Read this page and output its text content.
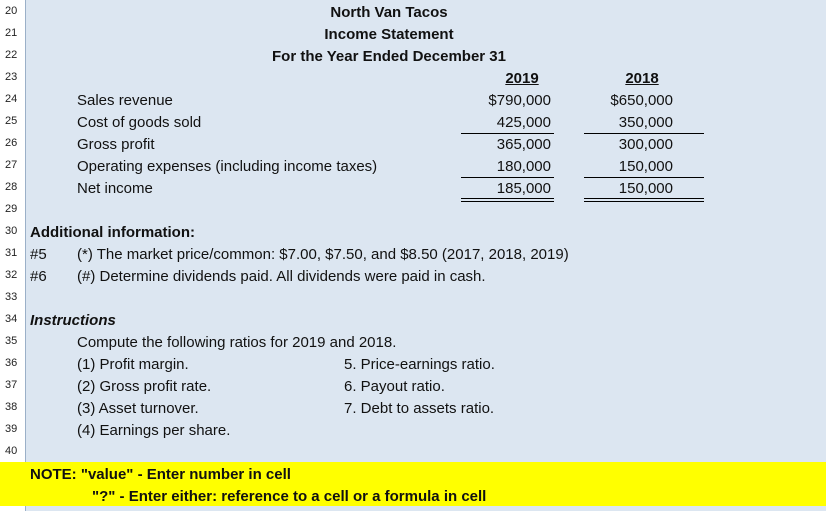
20
21
22
23
24
25
26
27
28
29
30
31
32
33
34
35
36
37
38
39
40
North Van Tacos
Income Statement
For the Year Ended December 31
2019	2018
Sales revenue	$790,000	$650,000
Cost of goods sold	425,000	350,000
Gross profit	365,000	300,000
Operating expenses (including income taxes)	180,000	150,000
Net income	185,000	150,000
Additional information:
#5 (*) The market price/common: $7.00, $7.50, and $8.50 (2017, 2018, 2019)
#6 (#) Determine dividends paid. All dividends were paid in cash.
Instructions
Compute the following ratios for 2019 and 2018.
(1) Profit margin.
(2) Gross profit rate.
(3) Asset turnover.
(4) Earnings per share.
5. Price-earnings ratio.
6. Payout ratio.
7. Debt to assets ratio.
NOTE: "value" - Enter number in cell
"?" - Enter either: reference to a cell or a formula in cell
